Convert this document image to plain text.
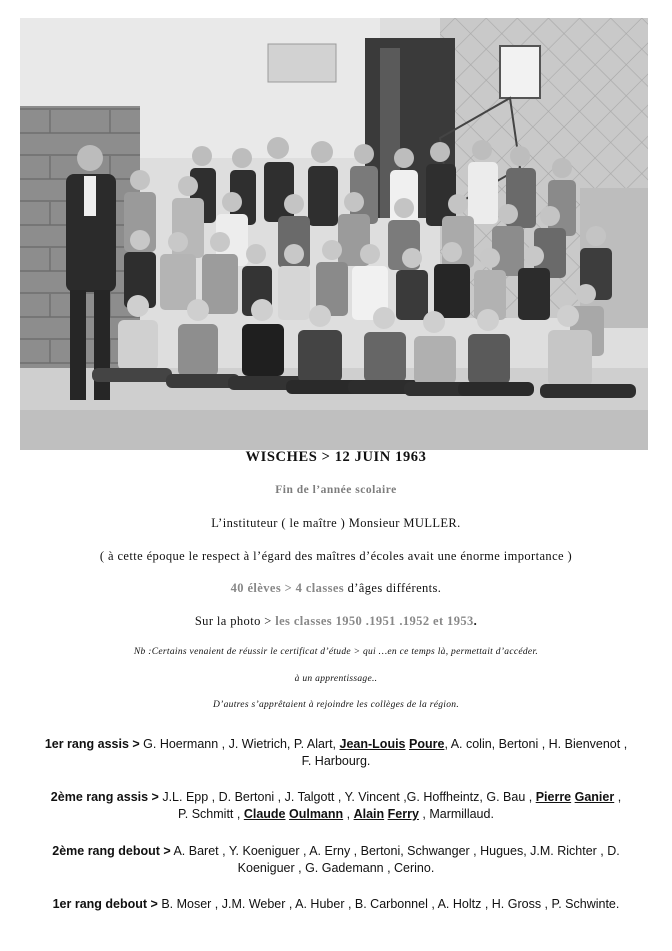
WISCHES > 12 JUIN 1963
Fin de l’année scolaire
L’instituteur ( le maître ) Monsieur MULLER.
( à cette époque le respect à l’égard des maîtres d’écoles avait une énorme importance )
40 élèves > 4 classes d’âges différents.
Sur la photo > les classes 1950 .1951 .1952 et 1953.
Nb :Certains venaient de réussir le certificat d’étude > qui …en ce temps là, permettait d’accéder.
à un apprentissage..
D’autres s’apprêtaient à rejoindre les collèges de la région.
1er rang assis > G. Hoermann , J. Wietrich, P. Alart, Jean-Louis Poure, A. colin, Bertoni , H. Bienvenot ,
F. Harbourg.
2ème rang assis > J.L. Epp , D. Bertoni , J. Talgott , Y. Vincent ,G. Hoffheintz, G. Bau , Pierre Ganier ,
P. Schmitt , Claude Oulmann , Alain Ferry , Marmillaud.
2ème rang debout > A. Baret , Y. Koeniguer , A. Erny , Bertoni, Schwanger , Hugues, J.M. Richter , D.
Koeniguer , G. Gademann , Cerino.
1er rang debout > B. Moser , J.M. Weber , A. Huber , B. Carbonnel , A. Holtz , H. Gross , P. Schwinte.
